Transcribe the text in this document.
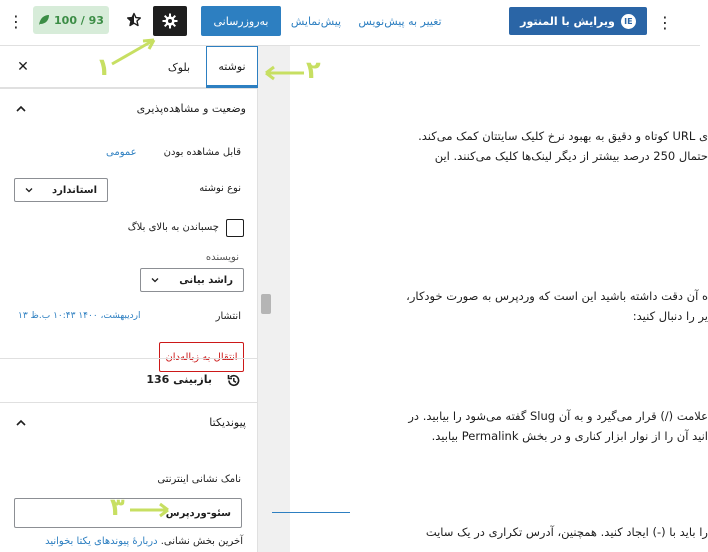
⋮	100 / 93	به‌روزرسانی	پیش‌نمایش	تغییر به پیش‌نویس	ویرایش با المنتور	IE ⋮
نوشته
بلوک
✕
وضعیت و مشاهده‌پذیری
قابل مشاهده بودن
عمومی
نوع نوشته
استاندارد
چسباندن به بالای بلاگ
نویسنده
راشد بیانی
انتشار
۱۳ اردیبهشت، ۱۴۰۰ ۱۰:۴۳ ب.ظ
انتقال به زباله‌دان
136 بازبینی
پیوندیکتا
نامک نشانی اینترنتی
سئو-وردپرس
آخرین بخش نشانی. دربارهٔ پیوندهای یکتا بخوانید
ی URL کوتاه و دقیق به بهبود نرخ کلیک سایتتان کمک می‌کند.
حتمال 250 درصد بیشتر از دیگر لینک‌ها کلیک می‌کنند. این
ه آن دقت داشته باشید این است که وردپرس به صورت خودکار،
یر را دنبال کنید:
علامت (/) قرار می‌گیرد و به آن Slug گفته می‌شود را بیابید. در
انید آن را از نوار ابزار کناری و در بخش Permalink بیابید.
را باید با (-) ایجاد کنید. همچنین، آدرس تکراری در یک سایت
۱	۲
۳
